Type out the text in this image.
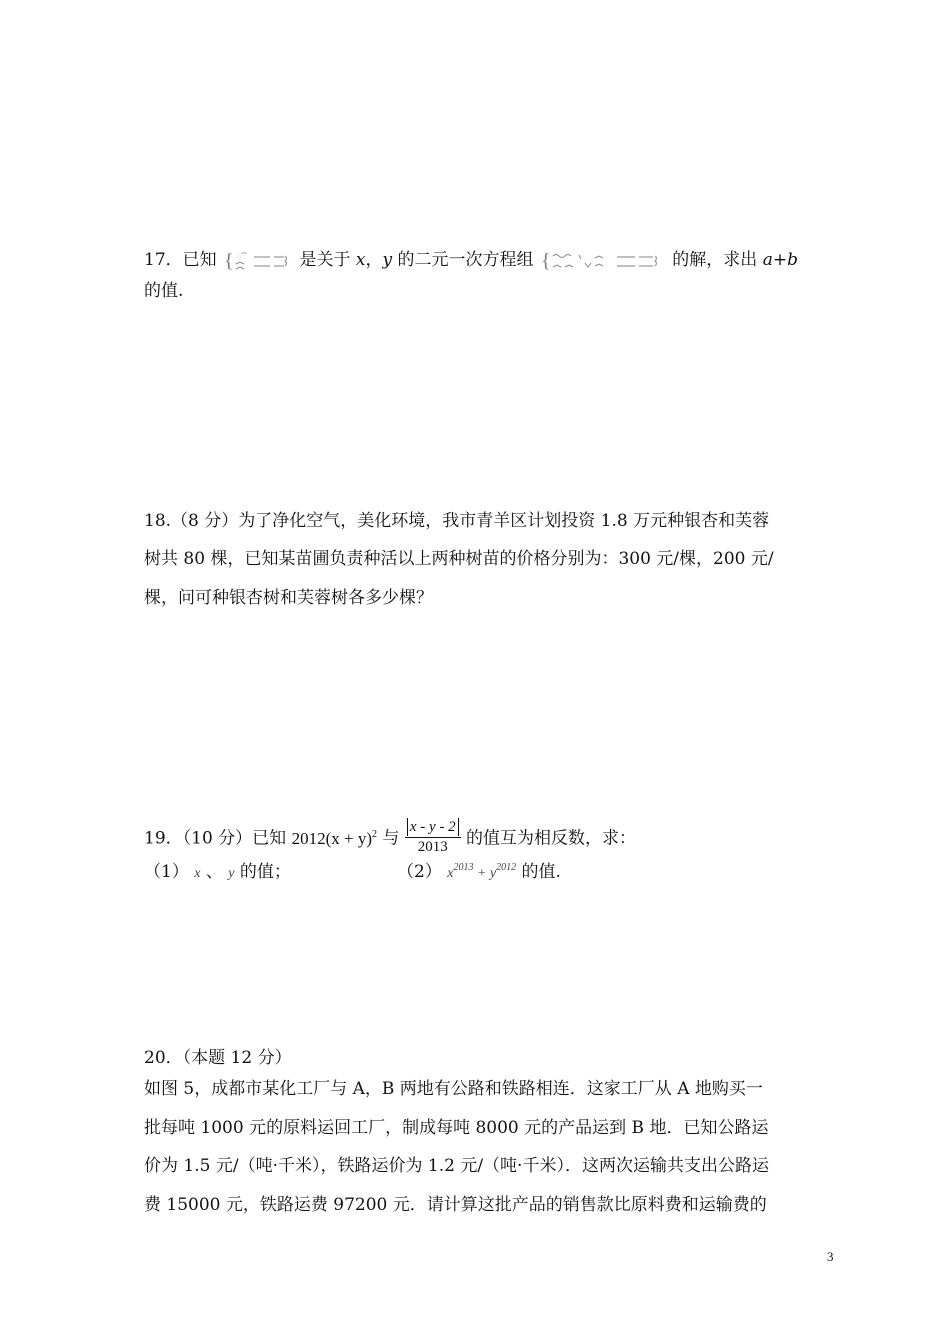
17．已知 { ◌͡	是关于 x，y 的二元一次方程组 {	的解，求出 a+b
的值.
18.（8 分）为了净化空气，美化环境，我市青羊区计划投资 1.8 万元种银杏和芙蓉
树共 80 棵，已知某苗圃负责种活以上两种树苗的价格分别为：300 元/棵，200 元/
棵，问可种银杏树和芙蓉树各多少棵？
19．（10 分）已知 $2012(x + y)^2$ 与 $\frac{x - y - 2}{2013}$ 的值互为相反数，求：
（1） x 、 y 的值；	（2） $x^{2013} + y^{2012}$ 的值.
20．（本题 12 分）
如图 5，成都市某化工厂与 A，B 两地有公路和铁路相连．这家工厂从 A 地购买一
批每吨 1000 元的原料运回工厂，制成每吨 8000 元的产品运到 B 地．已知公路运
价为 1.5 元/（吨·千米），铁路运价为 1.2 元/（吨·千米）．这两次运输共支出公路运
费 15000 元，铁路运费 97200 元．请计算这批产品的销售款比原料费和运输费的
3
